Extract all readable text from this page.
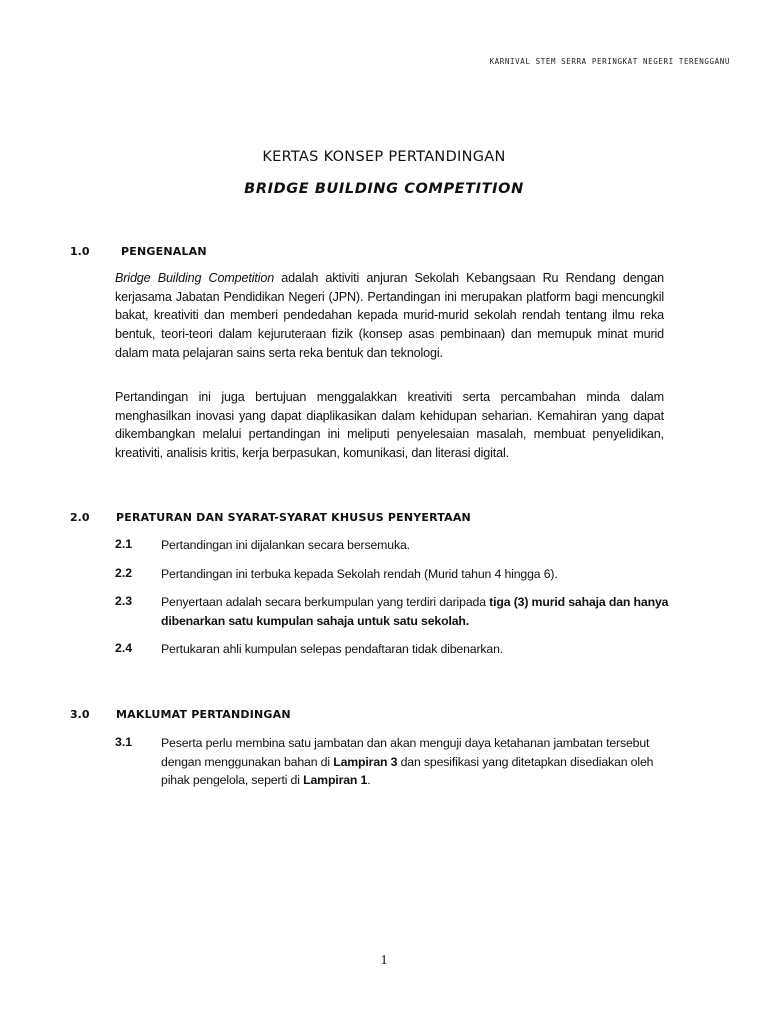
KARNIVAL STEM SERRA PERINGKAT NEGERI TERENGGANU
KERTAS KONSEP PERTANDINGAN
BRIDGE BUILDING COMPETITION
1.0	PENGENALAN
Bridge Building Competition adalah aktiviti anjuran Sekolah Kebangsaan Ru Rendang dengan kerjasama Jabatan Pendidikan Negeri (JPN). Pertandingan ini merupakan platform bagi mencungkil bakat, kreativiti dan memberi pendedahan kepada murid-murid sekolah rendah tentang ilmu reka bentuk, teori-teori dalam kejuruteraan fizik (konsep asas pembinaan) dan memupuk minat murid dalam mata pelajaran sains serta reka bentuk dan teknologi.
Pertandingan ini juga bertujuan menggalakkan kreativiti serta percambahan minda dalam menghasilkan inovasi yang dapat diaplikasikan dalam kehidupan seharian. Kemahiran yang dapat dikembangkan melalui pertandingan ini meliputi penyelesaian masalah, membuat penyelidikan, kreativiti, analisis kritis, kerja berpasukan, komunikasi, dan literasi digital.
2.0 PERATURAN DAN SYARAT-SYARAT KHUSUS PENYERTAAN
2.1 Pertandingan ini dijalankan secara bersemuka.
2.2 Pertandingan ini terbuka kepada Sekolah rendah (Murid tahun 4 hingga 6).
2.3 Penyertaan adalah secara berkumpulan yang terdiri daripada tiga (3) murid sahaja dan hanya dibenarkan satu kumpulan sahaja untuk satu sekolah.
2.4 Pertukaran ahli kumpulan selepas pendaftaran tidak dibenarkan.
3.0 MAKLUMAT PERTANDINGAN
3.1 Peserta perlu membina satu jambatan dan akan menguji daya ketahanan jambatan tersebut dengan menggunakan bahan di Lampiran 3 dan spesifikasi yang ditetapkan disediakan oleh pihak pengelola, seperti di Lampiran 1.
1
